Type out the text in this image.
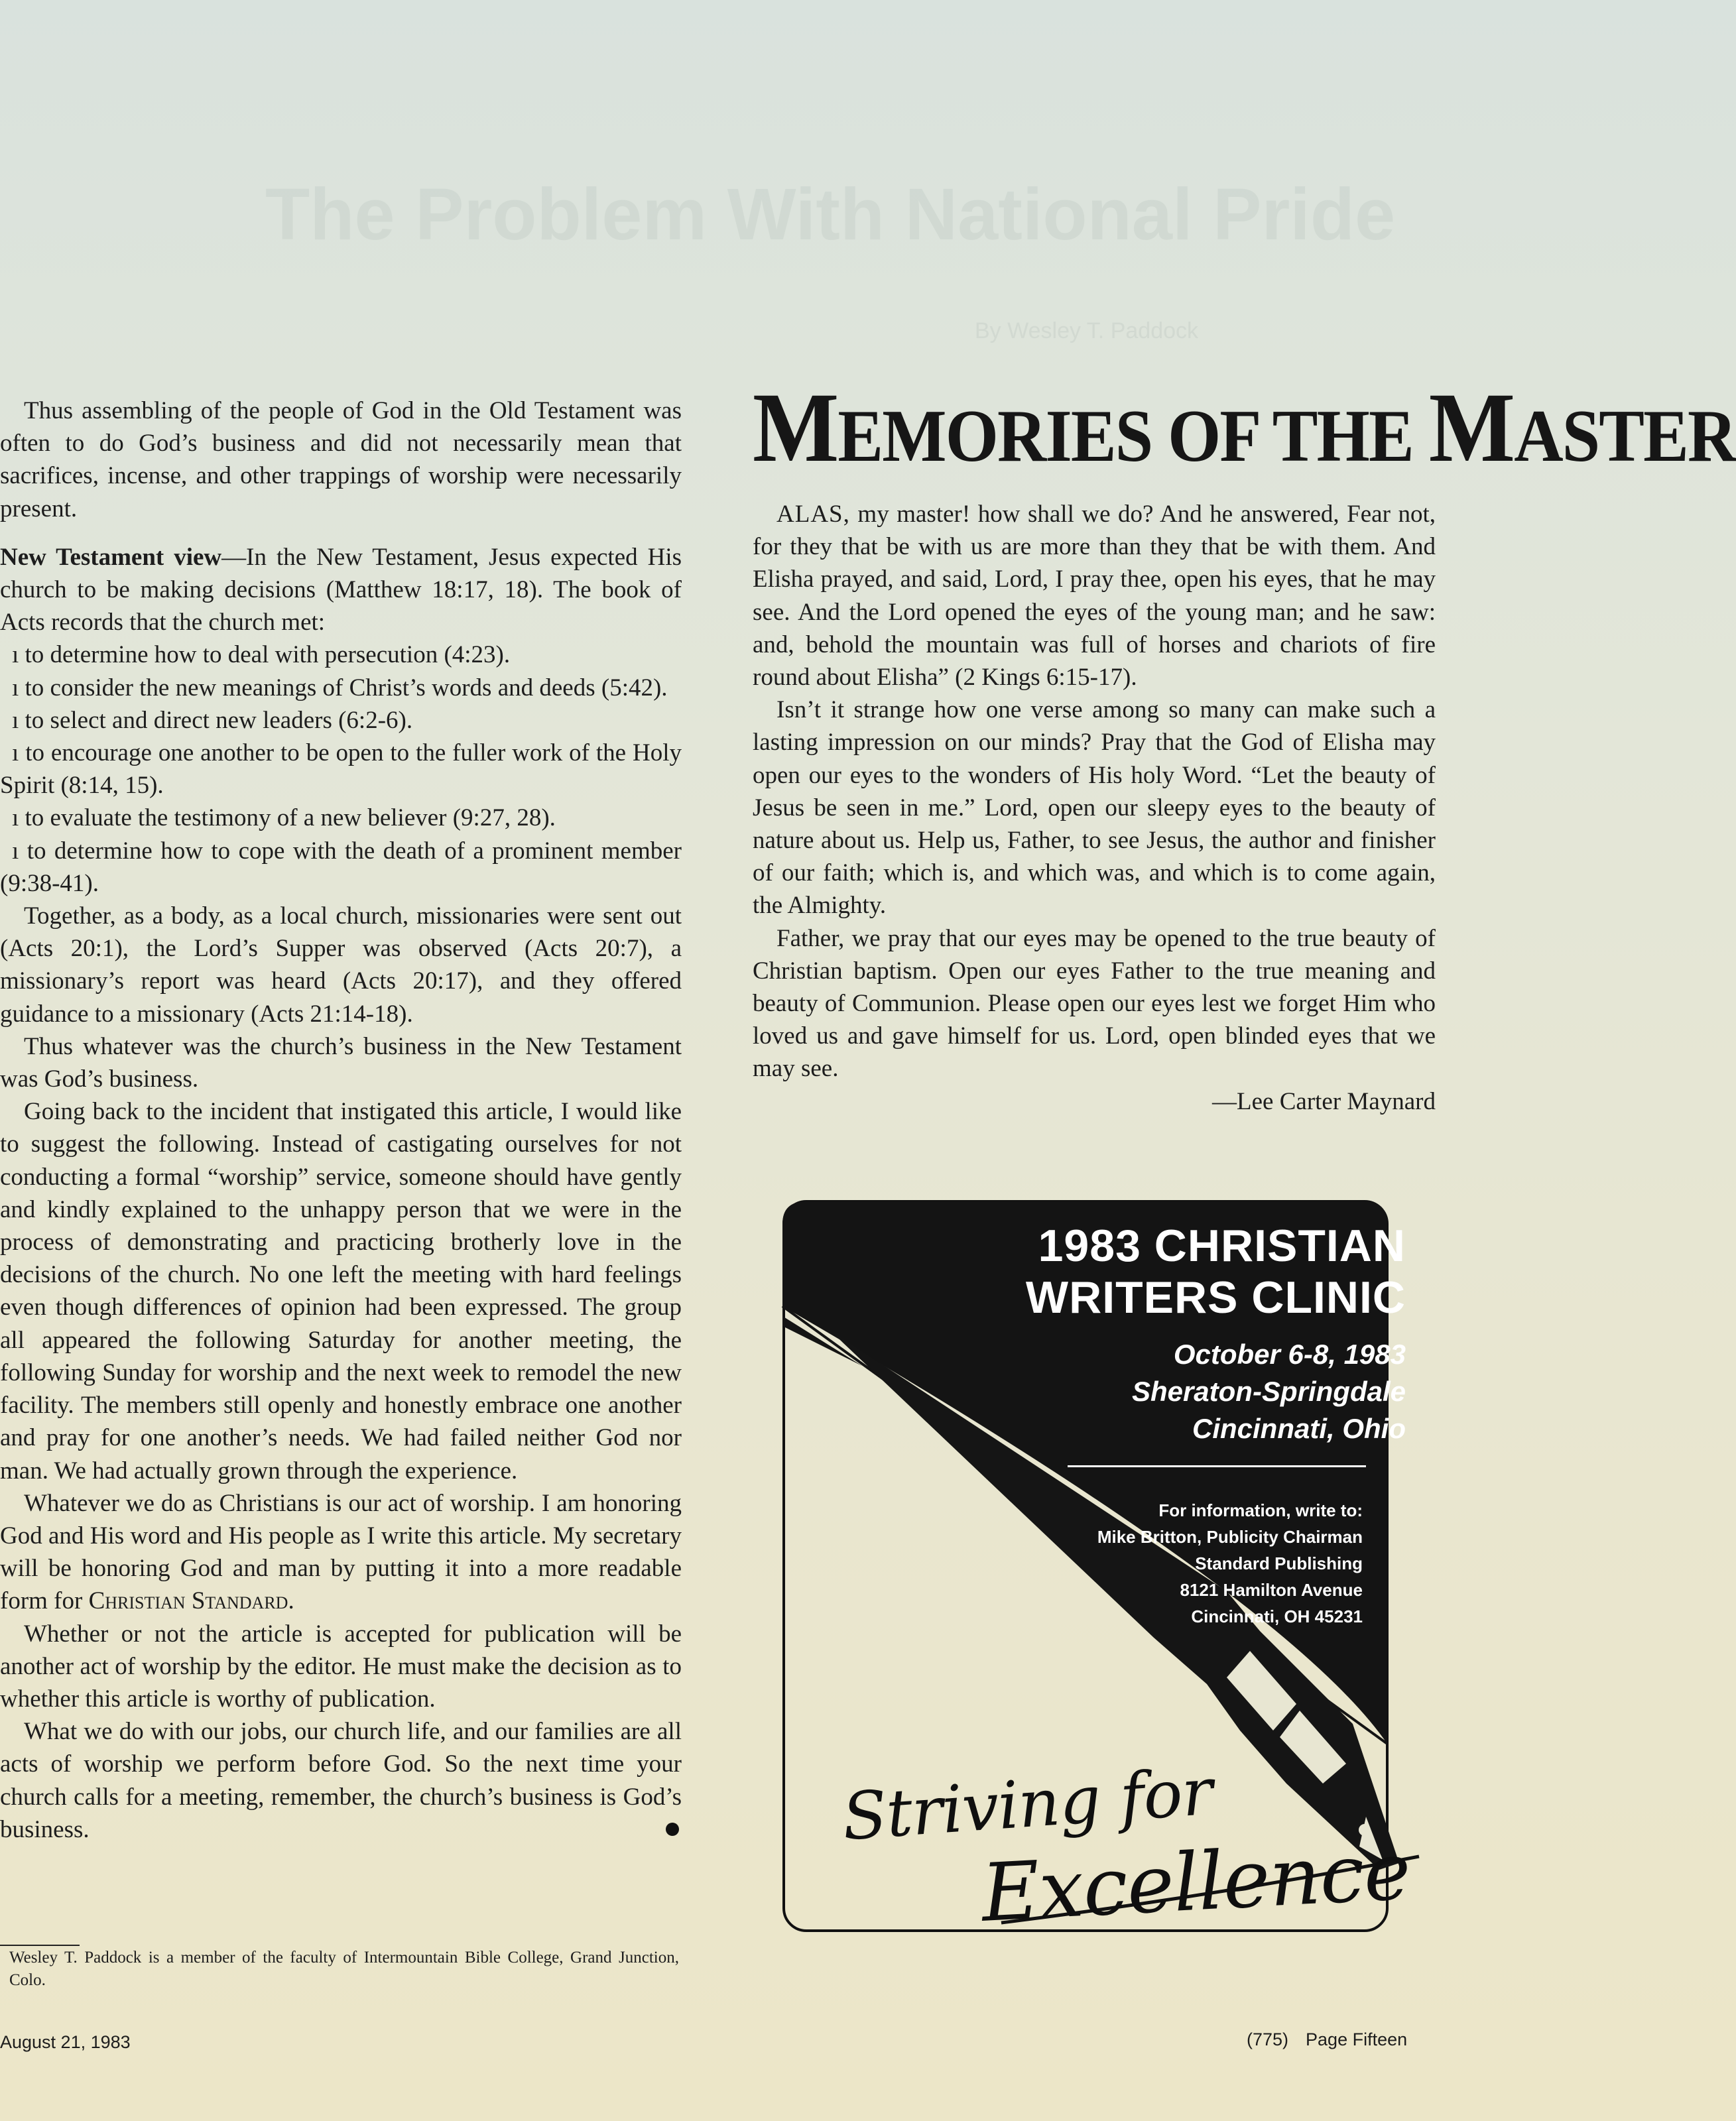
The Problem With National Pride
By Wesley T. Paddock

Thus assembling of the people of God in the Old Testament was often to do God’s business and did not necessarily mean that sacrifices, incense, and other trappings of worship were necessarily present.

New Testament view—In the New Testament, Jesus expected His church to be making decisions (Matthew 18:17, 18). The book of Acts records that the church met:

ı to determine how to deal with persecution (4:23).

ı to consider the new meanings of Christ’s words and deeds (5:42).

ı to select and direct new leaders (6:2-6).

ı to encourage one another to be open to the fuller work of the Holy Spirit (8:14, 15).

ı to evaluate the testimony of a new believer (9:27, 28).

ı to determine how to cope with the death of a prominent member (9:38-41).

Together, as a body, as a local church, missionaries were sent out (Acts 20:1), the Lord’s Supper was observed (Acts 20:7), a missionary’s report was heard (Acts 20:17), and they offered guidance to a missionary (Acts 21:14-18).

Thus whatever was the church’s business in the New Testament was God’s business.

Going back to the incident that instigated this article, I would like to suggest the following. Instead of castigating ourselves for not conducting a formal “worship” service, someone should have gently and kindly explained to the unhappy person that we were in the process of demonstrating and practicing brotherly love in the decisions of the church. No one left the meeting with hard feelings even though differences of opinion had been expressed. The group all appeared the following Saturday for another meeting, the following Sunday for worship and the next week to remodel the new facility. The members still openly and honestly embrace one another and pray for one another’s needs. We had failed neither God nor man. We had actually grown through the experience.

Whatever we do as Christians is our act of worship. I am honoring God and His word and His people as I write this article. My secretary will be honoring God and man by putting it into a more readable form for Christian Standard.

Whether or not the article is accepted for publication will be another act of worship by the editor. He must make the decision as to whether this article is worthy of publication.

What we do with our jobs, our church life, and our families are all acts of worship we perform before God. So the next time your church calls for a meeting, remember, the church’s business is God’s business.

Wesley T. Paddock is a member of the faculty of Intermountain Bible College, Grand Junction, Colo.
MEMORIES OF THE MASTER

ALAS, my master! how shall we do? And he answered, Fear not, for they that be with us are more than they that be with them. And Elisha prayed, and said, Lord, I pray thee, open his eyes, that he may see. And the Lord opened the eyes of the young man; and he saw: and, behold the mountain was full of horses and chariots of fire round about Elisha” (2 Kings 6:15-17).

Isn’t it strange how one verse among so many can make such a lasting impression on our minds? Pray that the God of Elisha may open our eyes to the wonders of His holy Word. “Let the beauty of Jesus be seen in me.” Lord, open our sleepy eyes to the beauty of nature about us. Help us, Father, to see Jesus, the author and finisher of our faith; which is, and which was, and which is to come again, the Almighty.

Father, we pray that our eyes may be opened to the true beauty of Christian baptism. Open our eyes Father to the true meaning and beauty of Communion. Please open our eyes lest we forget Him who loved us and gave himself for us. Lord, open blinded eyes that we may see.

—Lee Carter Maynard
1983 CHRISTIAN
WRITERS CLINIC
October 6-8, 1983
Sheraton-Springdale
Cincinnati, Ohio
For information, write to:
Mike Britton, Publicity Chairman
Standard Publishing
8121 Hamilton Avenue
Cincinnati, OH 45231
Striving for
Excellence
August 21, 1983	(775) Page Fifteen
